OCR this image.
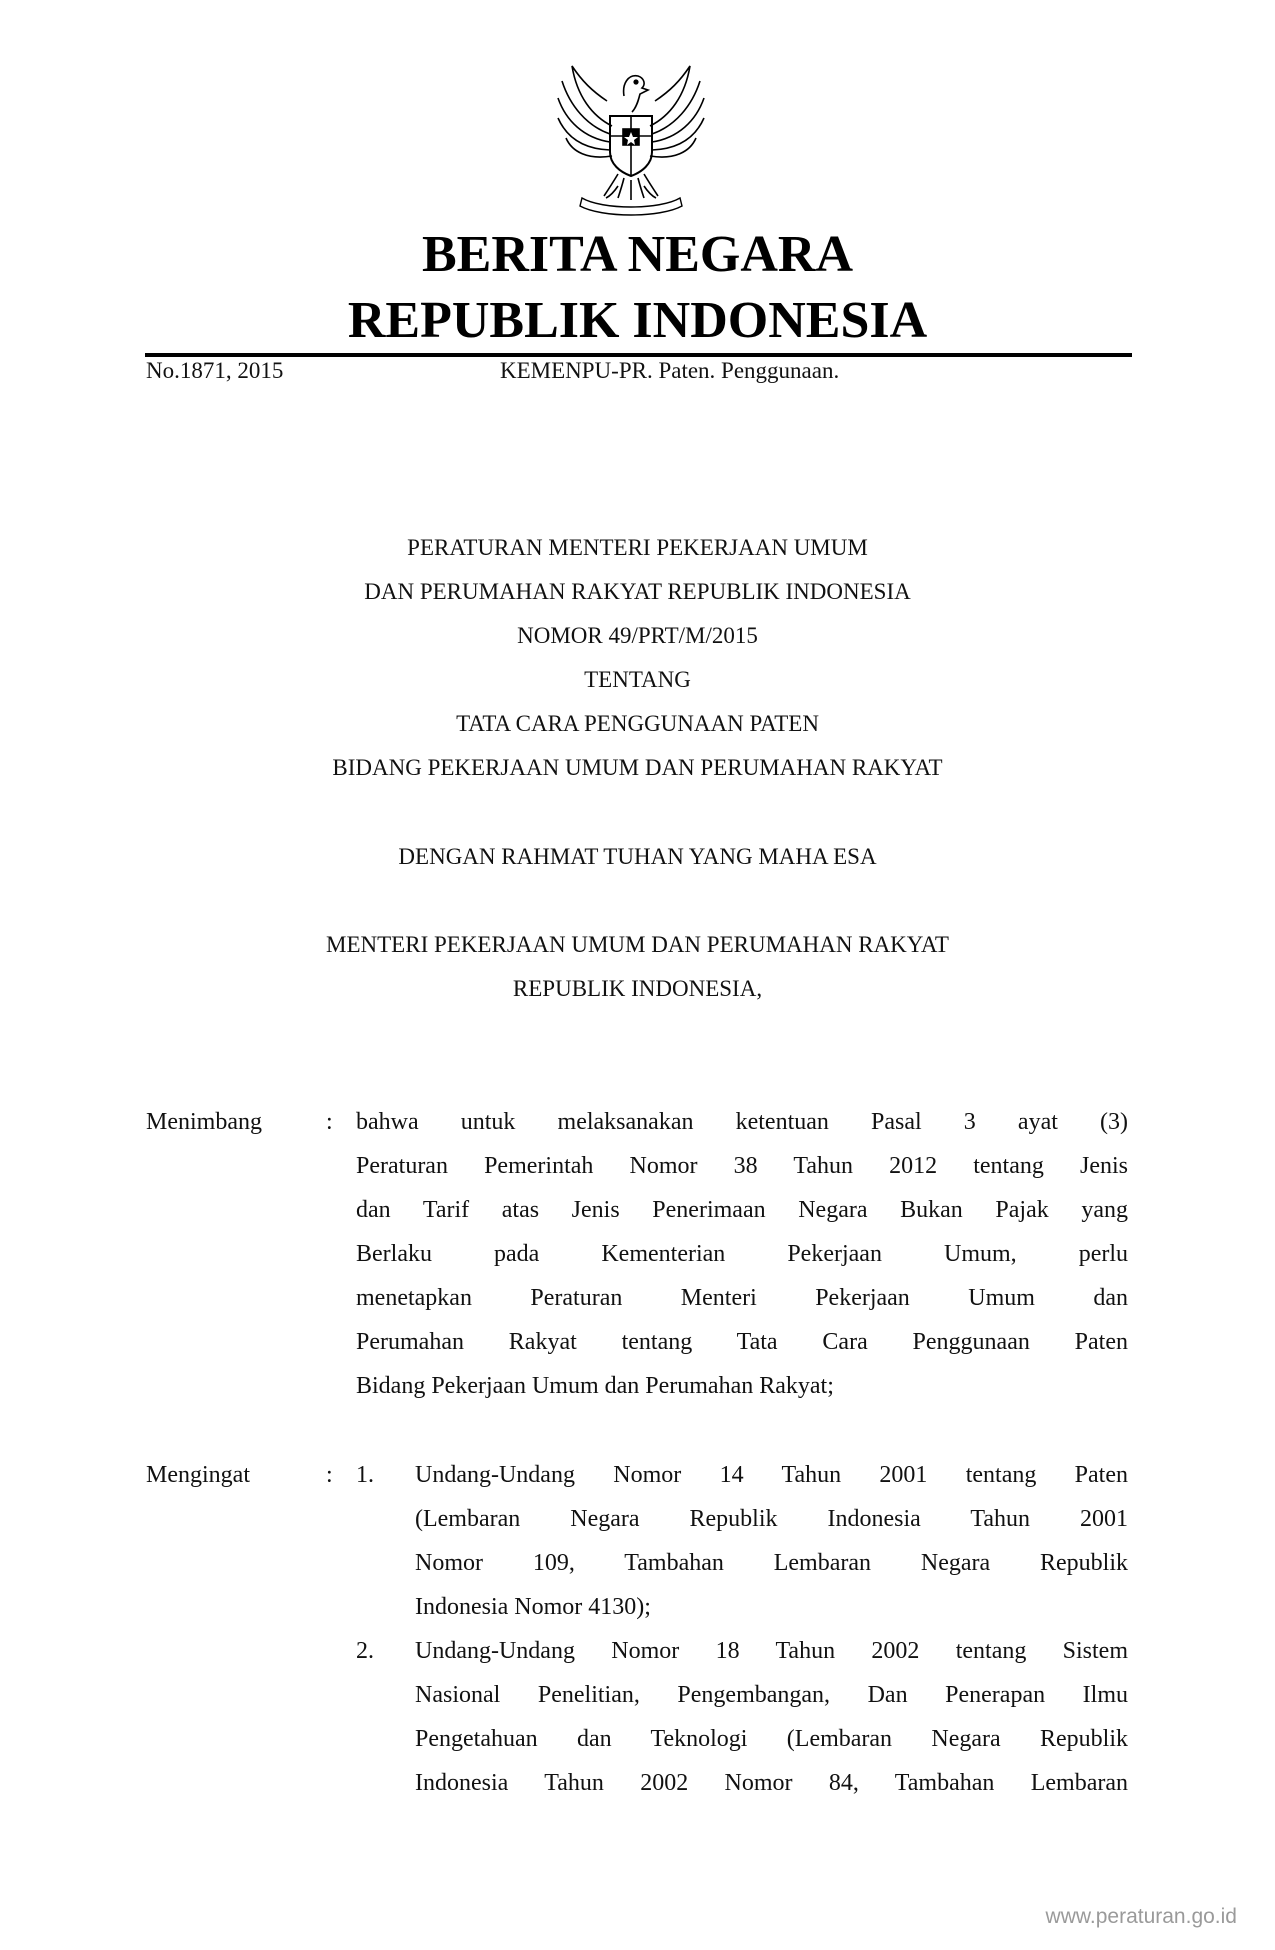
BERITA NEGARA
REPUBLIK INDONESIA
No.1871, 2015	KEMENPU-PR. Paten. Penggunaan.
PERATURAN MENTERI PEKERJAAN UMUM
DAN PERUMAHAN RAKYAT REPUBLIK INDONESIA
NOMOR 49/PRT/M/2015
TENTANG
TATA CARA PENGGUNAAN PATEN
BIDANG PEKERJAAN UMUM DAN PERUMAHAN RAKYAT
DENGAN RAHMAT TUHAN YANG MAHA ESA
MENTERI PEKERJAAN UMUM DAN PERUMAHAN RAKYAT
REPUBLIK INDONESIA,
Menimbang	: bahwa untuk melaksanakan ketentuan Pasal 3 ayat (3)
Peraturan Pemerintah Nomor 38 Tahun 2012 tentang Jenis
dan Tarif atas Jenis Penerimaan Negara Bukan Pajak yang
Berlaku pada Kementerian Pekerjaan Umum, perlu
menetapkan Peraturan Menteri Pekerjaan Umum dan
Perumahan Rakyat tentang Tata Cara Penggunaan Paten
Bidang Pekerjaan Umum dan Perumahan Rakyat;
Mengingat	: 1. Undang-Undang Nomor 14 Tahun 2001 tentang Paten
(Lembaran Negara Republik Indonesia Tahun 2001
Nomor 109, Tambahan Lembaran Negara Republik
Indonesia Nomor 4130);
2. Undang-Undang Nomor 18 Tahun 2002 tentang Sistem
Nasional Penelitian, Pengembangan, Dan Penerapan Ilmu
Pengetahuan dan Teknologi (Lembaran Negara Republik
Indonesia Tahun 2002 Nomor 84, Tambahan Lembaran
www.peraturan.go.id
